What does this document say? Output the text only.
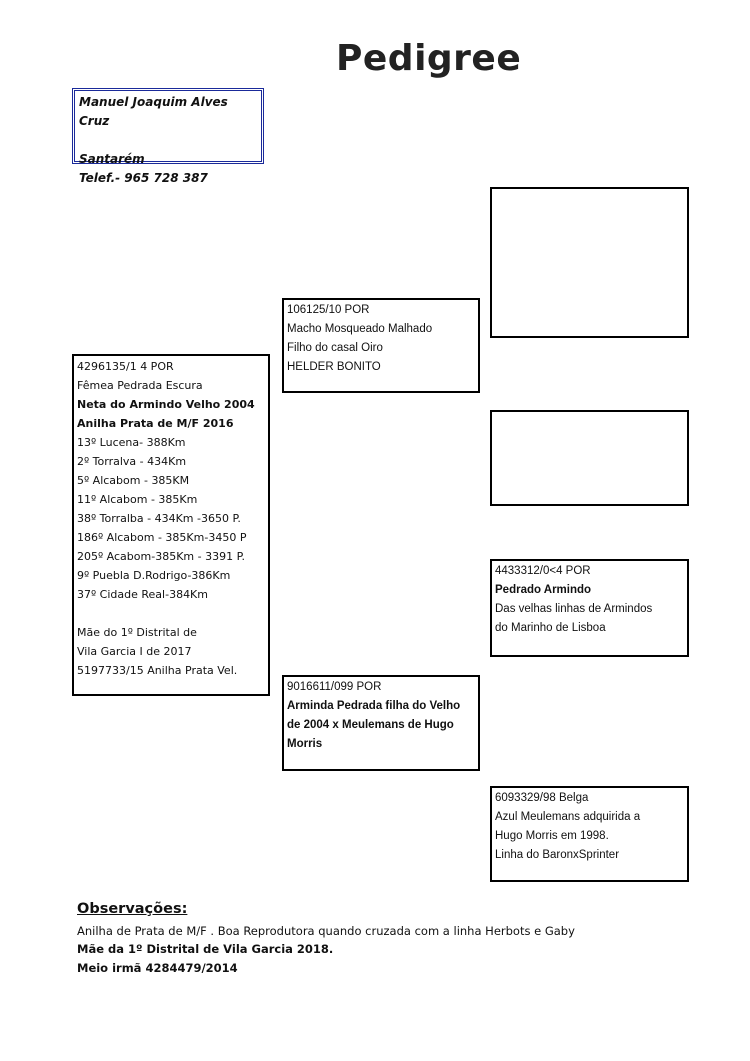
Pedigree
Manuel Joaquim Alves Cruz
Santarém
Telef.- 965 728 387
4296135/1 4 POR
Fêmea Pedrada Escura
Neta do Armindo Velho 2004
Anilha Prata de M/F 2016
13º Lucena- 388Km
2º Torralva - 434Km
5º Alcabom - 385KM
11º Alcabom - 385Km
38º Torralba - 434Km -3650 P.
186º Alcabom - 385Km-3450 P
205º Acabom-385Km - 3391 P.
9º Puebla D.Rodrigo-386Km
37º Cidade Real-384Km
Mãe do 1º Distrital de
Vila Garcia I de 2017
5197733/15 Anilha Prata Vel.
106125/10 POR
Macho Mosqueado Malhado
Filho do casal Oiro
HELDER BONITO
9016611/099 POR
Arminda Pedrada filha do Velho
de 2004 x Meulemans de Hugo
Morris
4433312/0<4 POR
Pedrado Armindo
Das velhas linhas de Armindos
do Marinho de Lisboa
6093329/98 Belga
Azul Meulemans adquirida a
Hugo Morris em 1998.
Linha do BaronxSprinter
Observações:
Anilha de Prata de M/F . Boa Reprodutora quando cruzada com a linha Herbots e Gaby
Mãe da 1º Distrital de Vila Garcia 2018.
Meio irmã 4284479/2014
